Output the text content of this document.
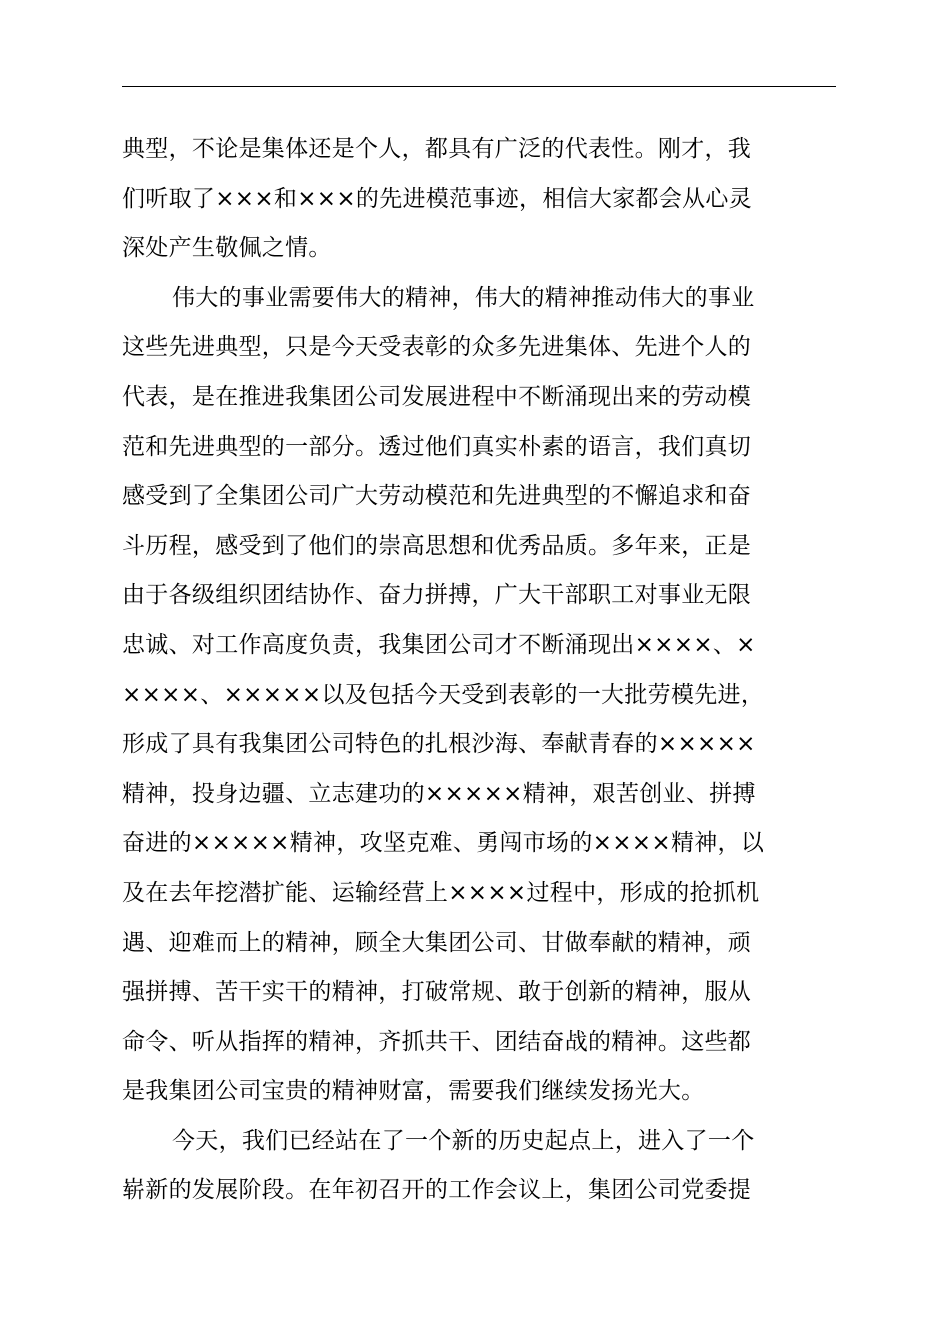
典型，不论是集体还是个人，都具有广泛的代表性。刚才，我
们听取了×××和×××的先进模范事迹，相信大家都会从心灵
深处产生敬佩之情。
伟大的事业需要伟大的精神，伟大的精神推动伟大的事业
这些先进典型，只是今天受表彰的众多先进集体、先进个人的
代表，是在推进我集团公司发展进程中不断涌现出来的劳动模
范和先进典型的一部分。透过他们真实朴素的语言，我们真切
感受到了全集团公司广大劳动模范和先进典型的不懈追求和奋
斗历程，感受到了他们的崇高思想和优秀品质。多年来，正是
由于各级组织团结协作、奋力拼搏，广大干部职工对事业无限
忠诚、对工作高度负责，我集团公司才不断涌现出××××、×
××××、×××××以及包括今天受到表彰的一大批劳模先进，
形成了具有我集团公司特色的扎根沙海、奉献青春的×××××
精神，投身边疆、立志建功的×××××精神，艰苦创业、拼搏
奋进的×××××精神，攻坚克难、勇闯市场的××××精神，以
及在去年挖潜扩能、运输经营上××××过程中，形成的抢抓机
遇、迎难而上的精神，顾全大集团公司、甘做奉献的精神，顽
强拼搏、苦干实干的精神，打破常规、敢于创新的精神，服从
命令、听从指挥的精神，齐抓共干、团结奋战的精神。这些都
是我集团公司宝贵的精神财富，需要我们继续发扬光大。
今天，我们已经站在了一个新的历史起点上，进入了一个
崭新的发展阶段。在年初召开的工作会议上，集团公司党委提
